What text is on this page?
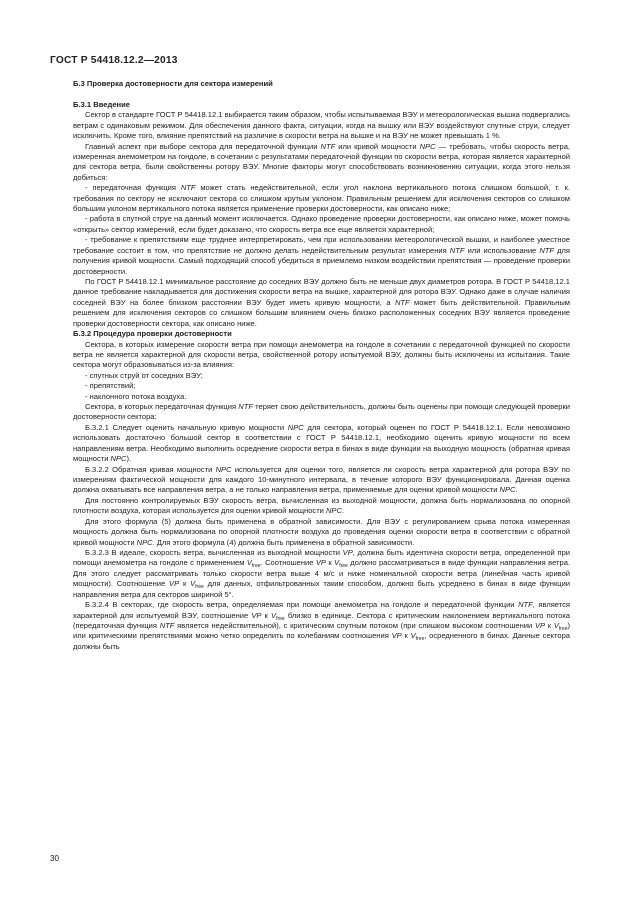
ГОСТ Р 54418.12.2—2013
Б.3 Проверка достоверности для сектора измерений
Б.3.1 Введение

Сектор в стандарте ГОСТ Р 54418.12.1 выбирается таким образом, чтобы испытываемая ВЭУ и метеорологическая вышка подвергались ветрам с одинаковым режимом. Для обеспечения данного факта, ситуации, когда на вышку или ВЭУ воздействуют спутные струи, следует исключить. Кроме того, влияние препятствий на различие в скорости ветра на вышке и на ВЭУ не может превышать 1 %.

Главный аспект при выборе сектора для передаточной функции NTF или кривой мощности NPC — требовать, чтобы скорость ветра, измеренная анемометром на гондоле, в сочетании с результатами передаточной функции по скорости ветра, которая является характерной для сектора ветра, были свойственны ротору ВЭУ. Многие факторы могут способствовать возникновению ситуации, когда этого нельзя добиться:

- передаточная функция NTF может стать недействительной, если угол наклона вертикального потока слишком большой, т. к. требования по сектору не исключают сектора со слишком крутым уклоном. Правильным решением для исключения секторов со слишком большим уклоном вертикального потока является применение проверки достоверности, как описано ниже;

- работа в спутной струе на данный момент исключается. Однако проведение проверки достоверности, как описано ниже, может помочь «открыть» сектор измерений, если будет доказано, что скорость ветра все еще является характерной;

- требование к препятствиям еще труднее интерпретировать, чем при использовании метеорологической вышки, и наиболее уместное требование состоит в том, что препятствие не должно делать недействительным результат измерения NTF или использование NTF для получения кривой мощности. Самый подходящий способ убедиться в приемлемо низком воздействии препятствия — проведение проверки достоверности.

По ГОСТ Р 54418.12.1 минимальное расстояние до соседних ВЭУ должно быть не меньше двух диаметров ротора. В ГОСТ Р 54418.12.1 данное требование накладывается для достижения скорости ветра на вышке, характерной для ротора ВЭУ. Однако даже в случае наличия соседней ВЭУ на более близком расстоянии ВЭУ будет иметь кривую мощности, а NTF может быть действительной. Правильным решением для исключения секторов со слишком большим влиянием очень близко расположенных соседних ВЭУ является проведение проверки достоверности сектора, как описано ниже.

Б.3.2 Процедура проверки достоверности

Сектора, в которых измерение скорости ветра при помощи анемометра на гондоле в сочетании с передаточной функцией по скорости ветра не является характерной для скорости ветра, свойственной ротору испытуемой ВЭУ, должны быть исключены из испытания. Такие сектора могут образовываться из-за влияния:

- спутных струй от соседних ВЭУ;

- препятствий;

- наклонного потока воздуха.

Сектора, в которых передаточная функция NTF теряет свою действительность, должны быть оценены при помощи следующей проверки достоверности сектора:

Б.3.2.1 Следует оценить начальную кривую мощности NPC для сектора, который оценен по ГОСТ Р 54418.12.1. Если невозможно использовать достаточно большой сектор в соответствии с ГОСТ Р 54418.12.1, необходимо оценить кривую мощности по всем направлениям ветра. Необходимо выполнить осреднение скорости ветра в бинах в виде функции на выходную мощность (обратная кривая мощности NPC).

Б.3.2.2 Обратная кривая мощности NPC используется для оценки того, является ли скорость ветра характерной для ротора ВЭУ по измерениям фактической мощности для каждого 10-минутного интервала, в течение которого ВЭУ функционировала. Данная оценка должна охватывать все направления ветра, а не только направления ветра, применяемые для оценки кривой мощности NPC.

Для постоянно контролируемых ВЭУ скорость ветра, вычисленная из выходной мощности, должна быть нормализована по опорной плотности воздуха, которая используется для оценки кривой мощности NPC.

Для этого формула (5) должна быть применена в обратной зависимости. Для ВЭУ с регулированием срыва потока измеренная мощность должна быть нормализована по опорной плотности воздуха до проведения оценки скорости ветра в соответствии с обратной кривой мощности NPC. Для этого формула (4) должна быть применена в обратной зависимости.

Б.3.2.3 В идеале, скорость ветра, вычисленная из выходной мощности VP, должна быть идентична скорости ветра, определенной при помощи анемометра на гондоле с применением $V_{free}$. Соотношение VP к $V_{free}$ должно рассматриваться в виде функции направления ветра. Для этого следует рассматривать только скорости ветра выше 4 м/с и ниже номинальной скорости ветра (линейная часть кривой мощности). Соотношение VP к $V_{free}$ для данных, отфильтрованных таким способом, должно быть усреднено в бинах в виде функции направления ветра для секторов шириной 5°.

Б.3.2.4 В секторах, где скорость ветра, определяемая при помощи анемометра на гондоле и передаточной функции NTF, является характерной для испытуемой ВЭУ, соотношение VP к $V_{free}$ близко в единице. Сектора с критическим наклонением вертикального потока (передаточная функция NTF является недействительной), с критическим спутным потоком (при слишком высоком соотношении VP к $V_{free}$) или критическими препятствиями можно четко определить по колебаниям соотношения VP к $V_{free}$, осредненного в бинах. Данные сектора должны быть

30
